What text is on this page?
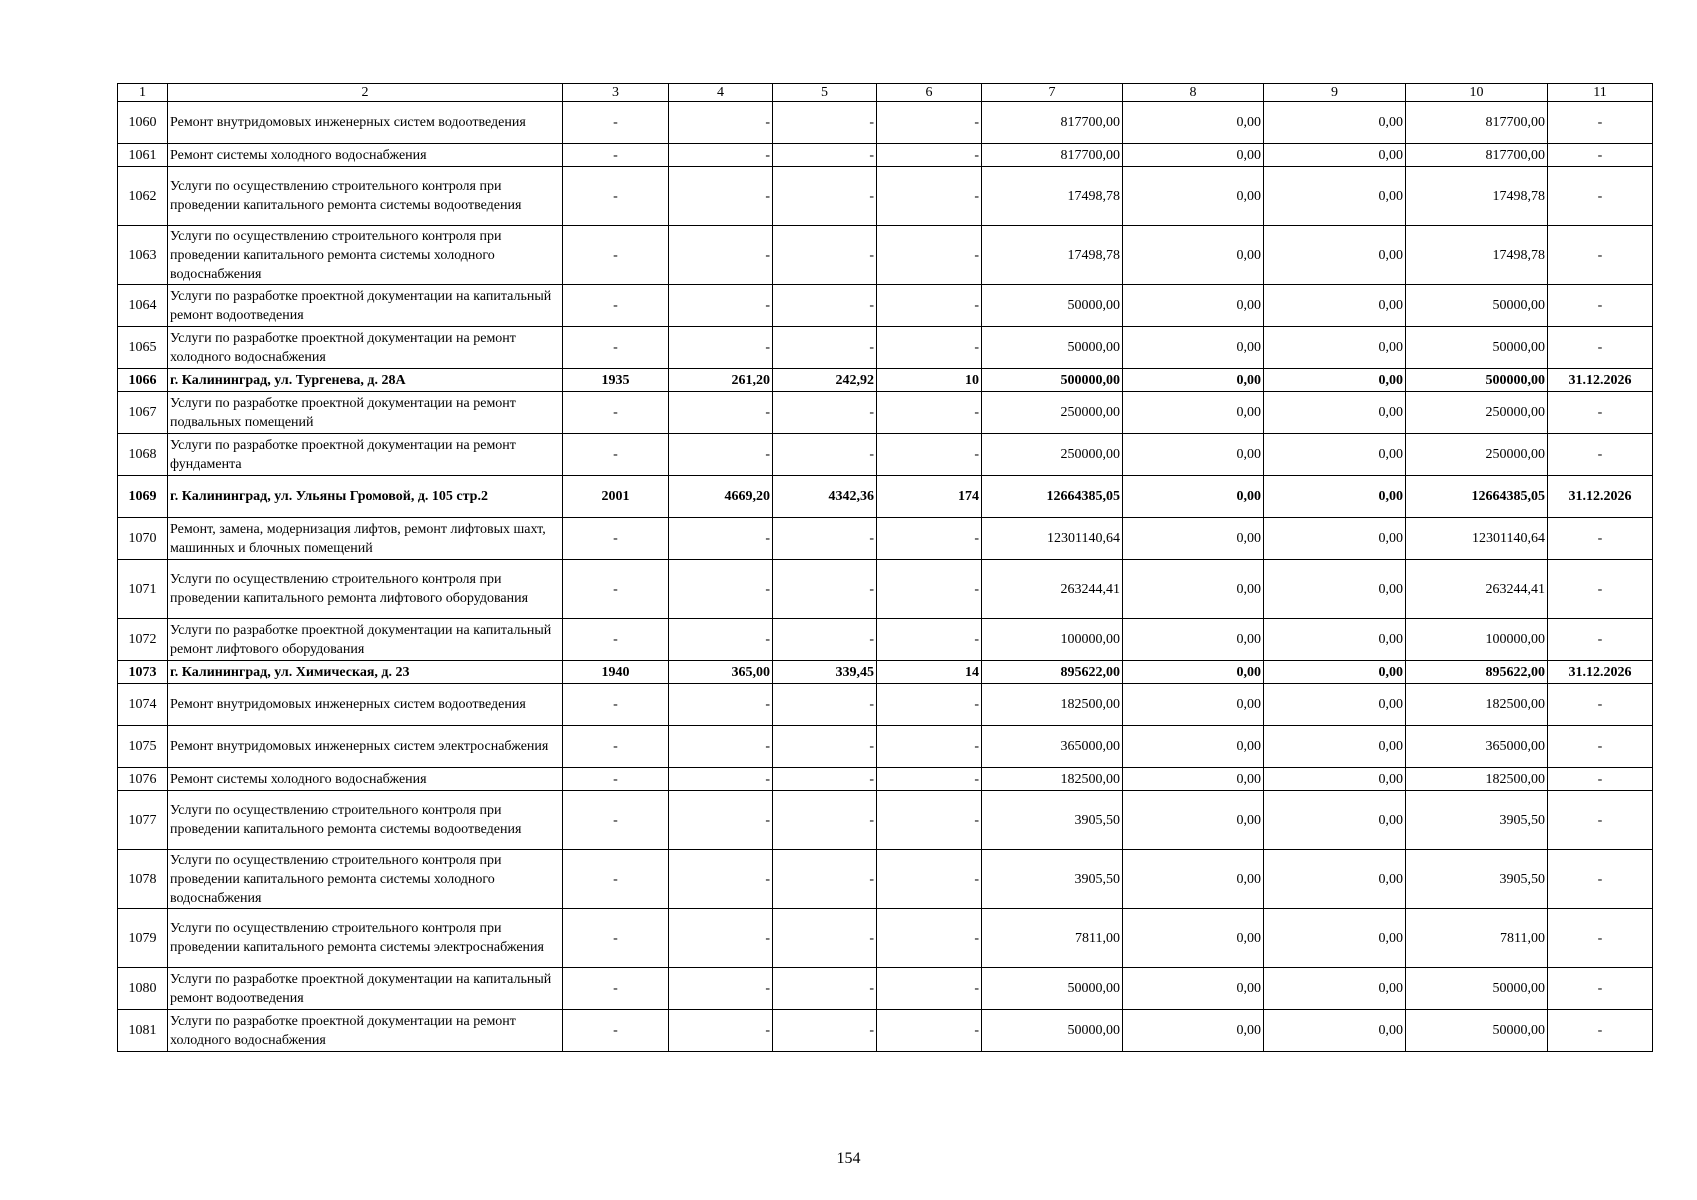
1	2	3	4	5	6	7	8	9	10	11
1060	Ремонт внутридомовых инженерных систем водоотведения	-	-	-	-	817700,00	0,00	0,00	817700,00	-
1061	Ремонт системы холодного водоснабжения	-	-	-	-	817700,00	0,00	0,00	817700,00	-
1062	Услуги по осуществлению строительного контроля при проведении капитального ремонта системы водоотведения	-	-	-	-	17498,78	0,00	0,00	17498,78	-
1063	Услуги по осуществлению строительного контроля при проведении капитального ремонта системы холодного водоснабжения	-	-	-	-	17498,78	0,00	0,00	17498,78	-
1064	Услуги по разработке проектной документации на капитальный ремонт водоотведения	-	-	-	-	50000,00	0,00	0,00	50000,00	-
1065	Услуги по разработке проектной документации на ремонт холодного водоснабжения	-	-	-	-	50000,00	0,00	0,00	50000,00	-
1066	г. Калининград, ул. Тургенева, д. 28А	1935	261,20	242,92	10	500000,00	0,00	0,00	500000,00	31.12.2026
1067	Услуги по разработке проектной документации на ремонт подвальных помещений	-	-	-	-	250000,00	0,00	0,00	250000,00	-
1068	Услуги по разработке проектной документации на ремонт фундамента	-	-	-	-	250000,00	0,00	0,00	250000,00	-
1069	г. Калининград, ул. Ульяны Громовой, д. 105 стр.2	2001	4669,20	4342,36	174	12664385,05	0,00	0,00	12664385,05	31.12.2026
1070	Ремонт, замена, модернизация лифтов, ремонт лифтовых шахт, машинных и блочных помещений	-	-	-	-	12301140,64	0,00	0,00	12301140,64	-
1071	Услуги по осуществлению строительного контроля при проведении капитального ремонта лифтового оборудования	-	-	-	-	263244,41	0,00	0,00	263244,41	-
1072	Услуги по разработке проектной документации на капитальный ремонт лифтового оборудования	-	-	-	-	100000,00	0,00	0,00	100000,00	-
1073	г. Калининград, ул. Химическая, д. 23	1940	365,00	339,45	14	895622,00	0,00	0,00	895622,00	31.12.2026
1074	Ремонт внутридомовых инженерных систем водоотведения	-	-	-	-	182500,00	0,00	0,00	182500,00	-
1075	Ремонт внутридомовых инженерных систем электроснабжения	-	-	-	-	365000,00	0,00	0,00	365000,00	-
1076	Ремонт системы холодного водоснабжения	-	-	-	-	182500,00	0,00	0,00	182500,00	-
1077	Услуги по осуществлению строительного контроля при проведении капитального ремонта системы водоотведения	-	-	-	-	3905,50	0,00	0,00	3905,50	-
1078	Услуги по осуществлению строительного контроля при проведении капитального ремонта системы холодного водоснабжения	-	-	-	-	3905,50	0,00	0,00	3905,50	-
1079	Услуги по осуществлению строительного контроля при проведении капитального ремонта системы электроснабжения	-	-	-	-	7811,00	0,00	0,00	7811,00	-
1080	Услуги по разработке проектной документации на капитальный ремонт водоотведения	-	-	-	-	50000,00	0,00	0,00	50000,00	-
1081	Услуги по разработке проектной документации на ремонт холодного водоснабжения	-	-	-	-	50000,00	0,00	0,00	50000,00	-
154
